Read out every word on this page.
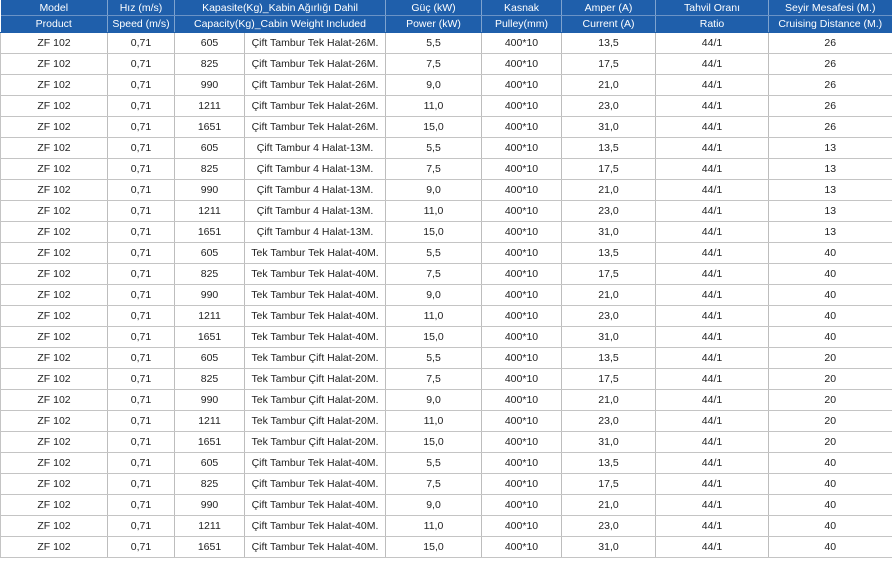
Model	Hız (m/s)	Kapasite(Kg)_Kabin Ağırlığı Dahil		Güç (kW)	Kasnak	Amper (A)	Tahvil Oranı	Seyir Mesafesi (M.)
Product	Speed (m/s)	Capacity(Kg)_Cabin Weight Included		Power (kW)	Pulley(mm)	Current (A)	Ratio	Cruising Distance (M.)
ZF 102	0,71	605	Çift Tambur Tek Halat-26M.	5,5	400*10	13,5	44/1	26
ZF 102	0,71	825	Çift Tambur Tek Halat-26M.	7,5	400*10	17,5	44/1	26
ZF 102	0,71	990	Çift Tambur Tek Halat-26M.	9,0	400*10	21,0	44/1	26
ZF 102	0,71	1211	Çift Tambur Tek Halat-26M.	11,0	400*10	23,0	44/1	26
ZF 102	0,71	1651	Çift Tambur Tek Halat-26M.	15,0	400*10	31,0	44/1	26
ZF 102	0,71	605	Çift Tambur 4 Halat-13M.	5,5	400*10	13,5	44/1	13
ZF 102	0,71	825	Çift Tambur 4 Halat-13M.	7,5	400*10	17,5	44/1	13
ZF 102	0,71	990	Çift Tambur 4 Halat-13M.	9,0	400*10	21,0	44/1	13
ZF 102	0,71	1211	Çift Tambur 4 Halat-13M.	11,0	400*10	23,0	44/1	13
ZF 102	0,71	1651	Çift Tambur 4 Halat-13M.	15,0	400*10	31,0	44/1	13
ZF 102	0,71	605	Tek Tambur Tek Halat-40M.	5,5	400*10	13,5	44/1	40
ZF 102	0,71	825	Tek Tambur Tek Halat-40M.	7,5	400*10	17,5	44/1	40
ZF 102	0,71	990	Tek Tambur Tek Halat-40M.	9,0	400*10	21,0	44/1	40
ZF 102	0,71	1211	Tek Tambur Tek Halat-40M.	11,0	400*10	23,0	44/1	40
ZF 102	0,71	1651	Tek Tambur Tek Halat-40M.	15,0	400*10	31,0	44/1	40
ZF 102	0,71	605	Tek Tambur Çift Halat-20M.	5,5	400*10	13,5	44/1	20
ZF 102	0,71	825	Tek Tambur Çift Halat-20M.	7,5	400*10	17,5	44/1	20
ZF 102	0,71	990	Tek Tambur Çift Halat-20M.	9,0	400*10	21,0	44/1	20
ZF 102	0,71	1211	Tek Tambur Çift Halat-20M.	11,0	400*10	23,0	44/1	20
ZF 102	0,71	1651	Tek Tambur Çift Halat-20M.	15,0	400*10	31,0	44/1	20
ZF 102	0,71	605	Çift Tambur Tek Halat-40M.	5,5	400*10	13,5	44/1	40
ZF 102	0,71	825	Çift Tambur Tek Halat-40M.	7,5	400*10	17,5	44/1	40
ZF 102	0,71	990	Çift Tambur Tek Halat-40M.	9,0	400*10	21,0	44/1	40
ZF 102	0,71	1211	Çift Tambur Tek Halat-40M.	11,0	400*10	23,0	44/1	40
ZF 102	0,71	1651	Çift Tambur Tek Halat-40M.	15,0	400*10	31,0	44/1	40
